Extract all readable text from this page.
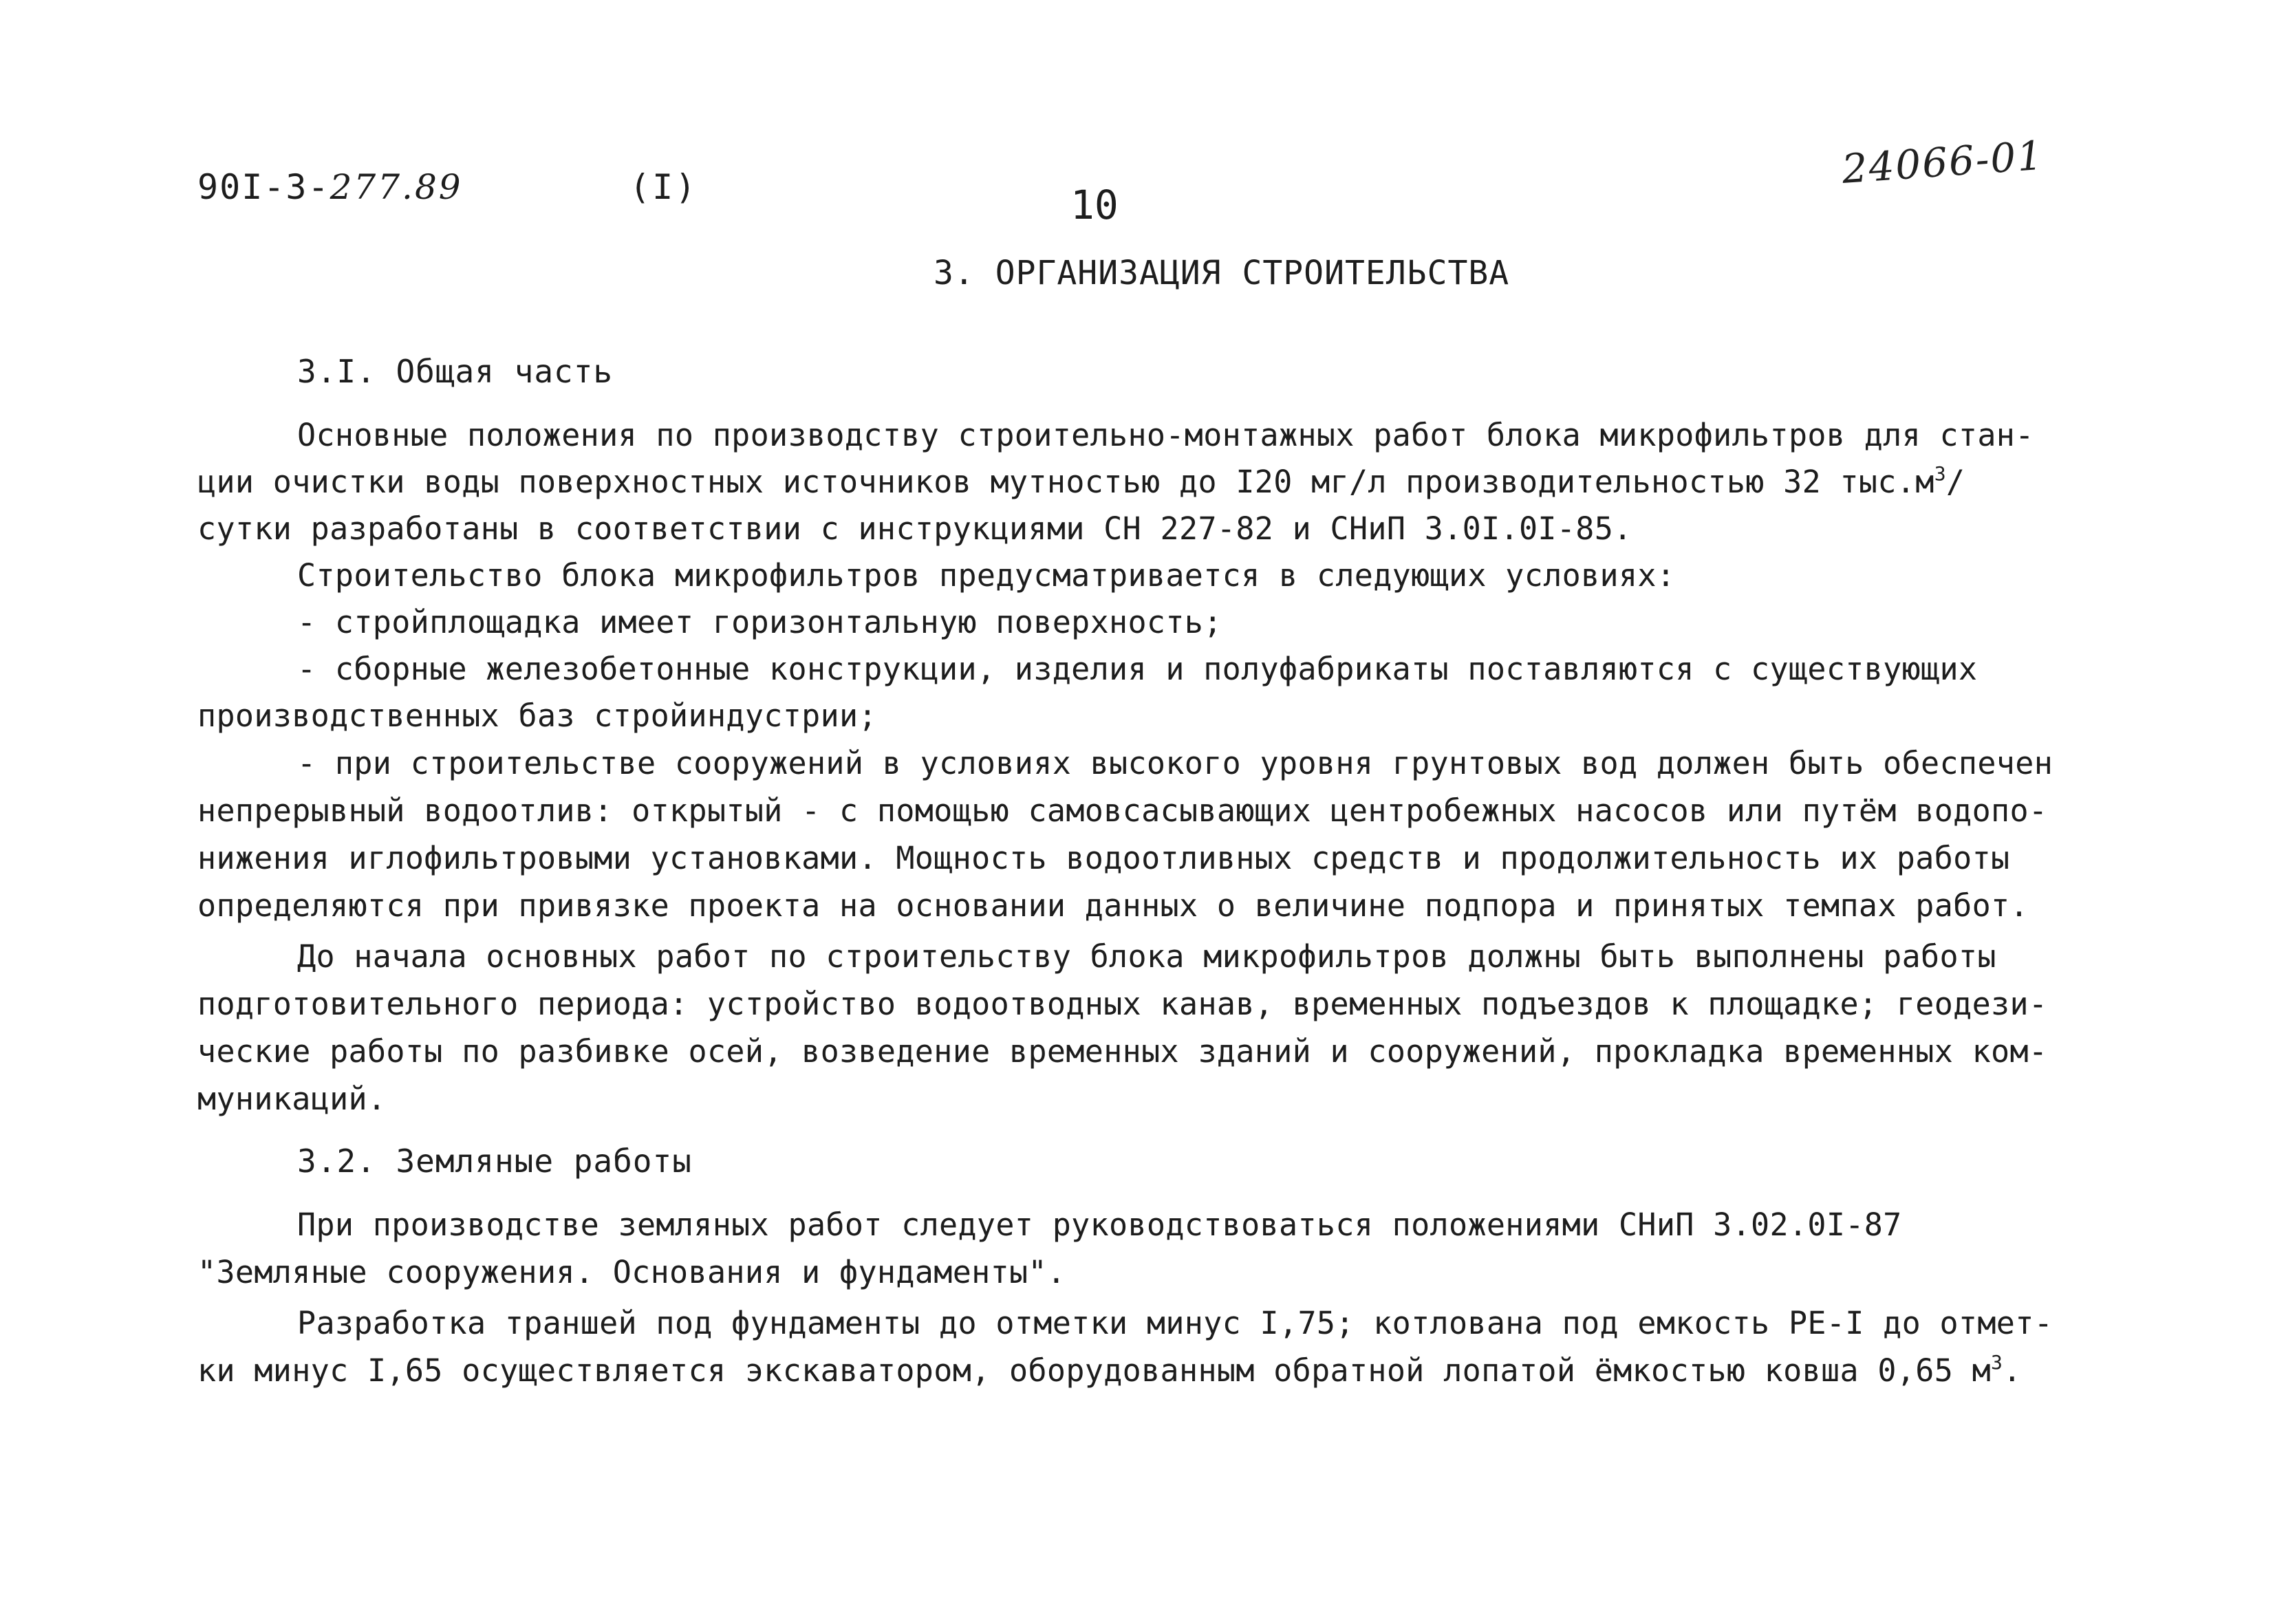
90I-3-277.89	(I)	10
24066-01
3. ОРГАНИЗАЦИЯ СТРОИТЕЛЬСТВА
3.I. Общая часть
Основные положения по производству строительно-монтажных работ блока микрофильтров для стан-
ции очистки воды поверхностных источников мутностью до I20 мг/л производительностью 32 $тыс.м^3/$
сутки разработаны в соответствии с инструкциями СН 227-82 и СНиП 3.0I.0I-85.
Строительство блока микрофильтров предусматривается в следующих условиях:
- стройплощадка имеет горизонтальную поверхность;
- сборные железобетонные конструкции, изделия и полуфабрикаты поставляются с существующих
производственных баз стройиндустрии;
- при строительстве сооружений в условиях высокого уровня грунтовых вод должен быть обеспечен
непрерывный водоотлив: открытый - с помощью самовсасывающих центробежных насосов или путём водопо-
нижения иглофильтровыми установками. Мощность водоотливных средств и продолжительность их работы
определяются при привязке проекта на основании данных о величине подпора и принятых темпах работ.
До начала основных работ по строительству блока микрофильтров должны быть выполнены работы
подготовительного периода: устройство водоотводных канав, временных подъездов к площадке; геодези-
ческие работы по разбивке осей, возведение временных зданий и сооружений, прокладка временных ком-
муникаций.
3.2. Земляные работы
При производстве земляных работ следует руководствоваться положениями СНиП 3.02.0I-87
"Земляные сооружения. Основания и фундаменты".
Разработка траншей под фундаменты до отметки минус I,75; котлована под емкость РЕ-I до отмет-
ки минус I,65 осуществляется экскаватором, оборудованным обратной лопатой ёмкостью ковша 0,65 $м^3$.
